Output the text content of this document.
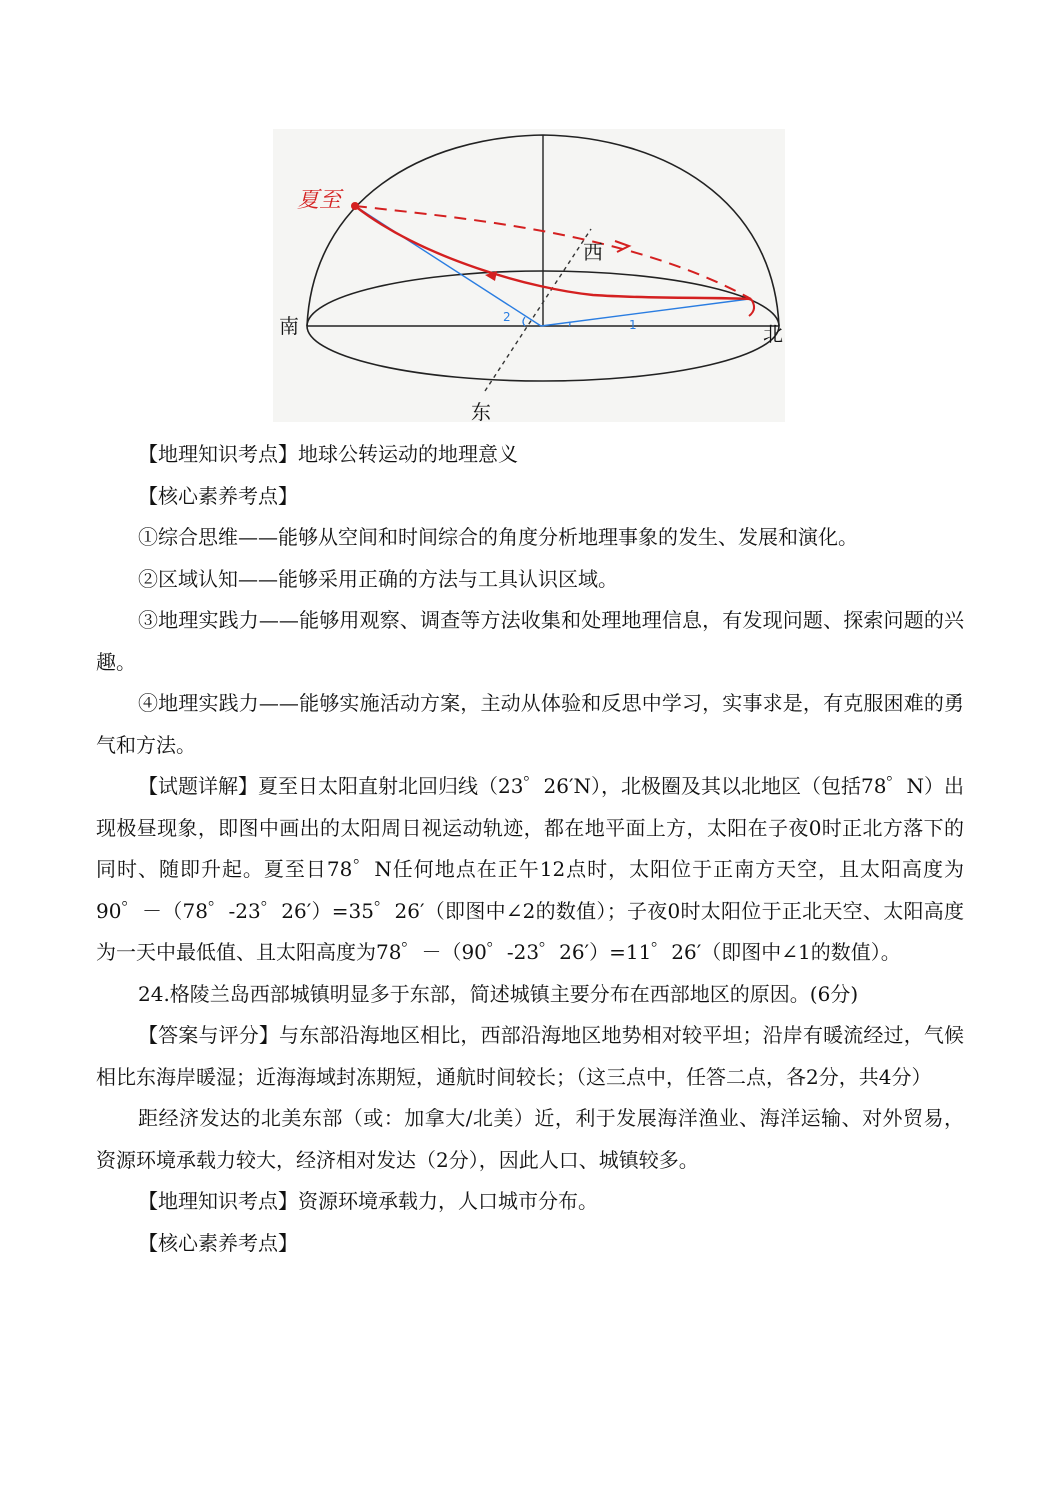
南	北
西
东
夏至
2
1

【地理知识考点】地球公转运动的地理意义

【核心素养考点】

①综合思维——能够从空间和时间综合的角度分析地理事象的发生、发展和演化。

②区域认知——能够采用正确的方法与工具认识区域。

③地理实践力——能够用观察、调查等方法收集和处理地理信息，有发现问题、探索问题的兴趣。

④地理实践力——能够实施活动方案，主动从体验和反思中学习，实事求是，有克服困难的勇气和方法。

【试题详解】夏至日太阳直射北回归线（23゜26′N），北极圈及其以北地区（包括78゜N）出现极昼现象，即图中画出的太阳周日视运动轨迹，都在地平面上方，太阳在子夜0时正北方落下的同时、随即升起。夏至日78゜N任何地点在正午12点时，太阳位于正南方天空，且太阳高度为90゜－（78゜-23゜26′）=35゜26′（即图中∠2的数值）；子夜0时太阳位于正北天空、太阳高度为一天中最低值、且太阳高度为78゜－（90゜-23゜26′）=11゜26′（即图中∠1的数值）。

24.格陵兰岛西部城镇明显多于东部，简述城镇主要分布在西部地区的原因。(6分)

【答案与评分】与东部沿海地区相比，西部沿海地区地势相对较平坦；沿岸有暖流经过，气候相比东海岸暖湿；近海海域封冻期短，通航时间较长；（这三点中，任答二点，各2分，共4分）

距经济发达的北美东部（或：加拿大/北美）近，利于发展海洋渔业、海洋运输、对外贸易，资源环境承载力较大，经济相对发达（2分），因此人口、城镇较多。

【地理知识考点】资源环境承载力，人口城市分布。

【核心素养考点】
